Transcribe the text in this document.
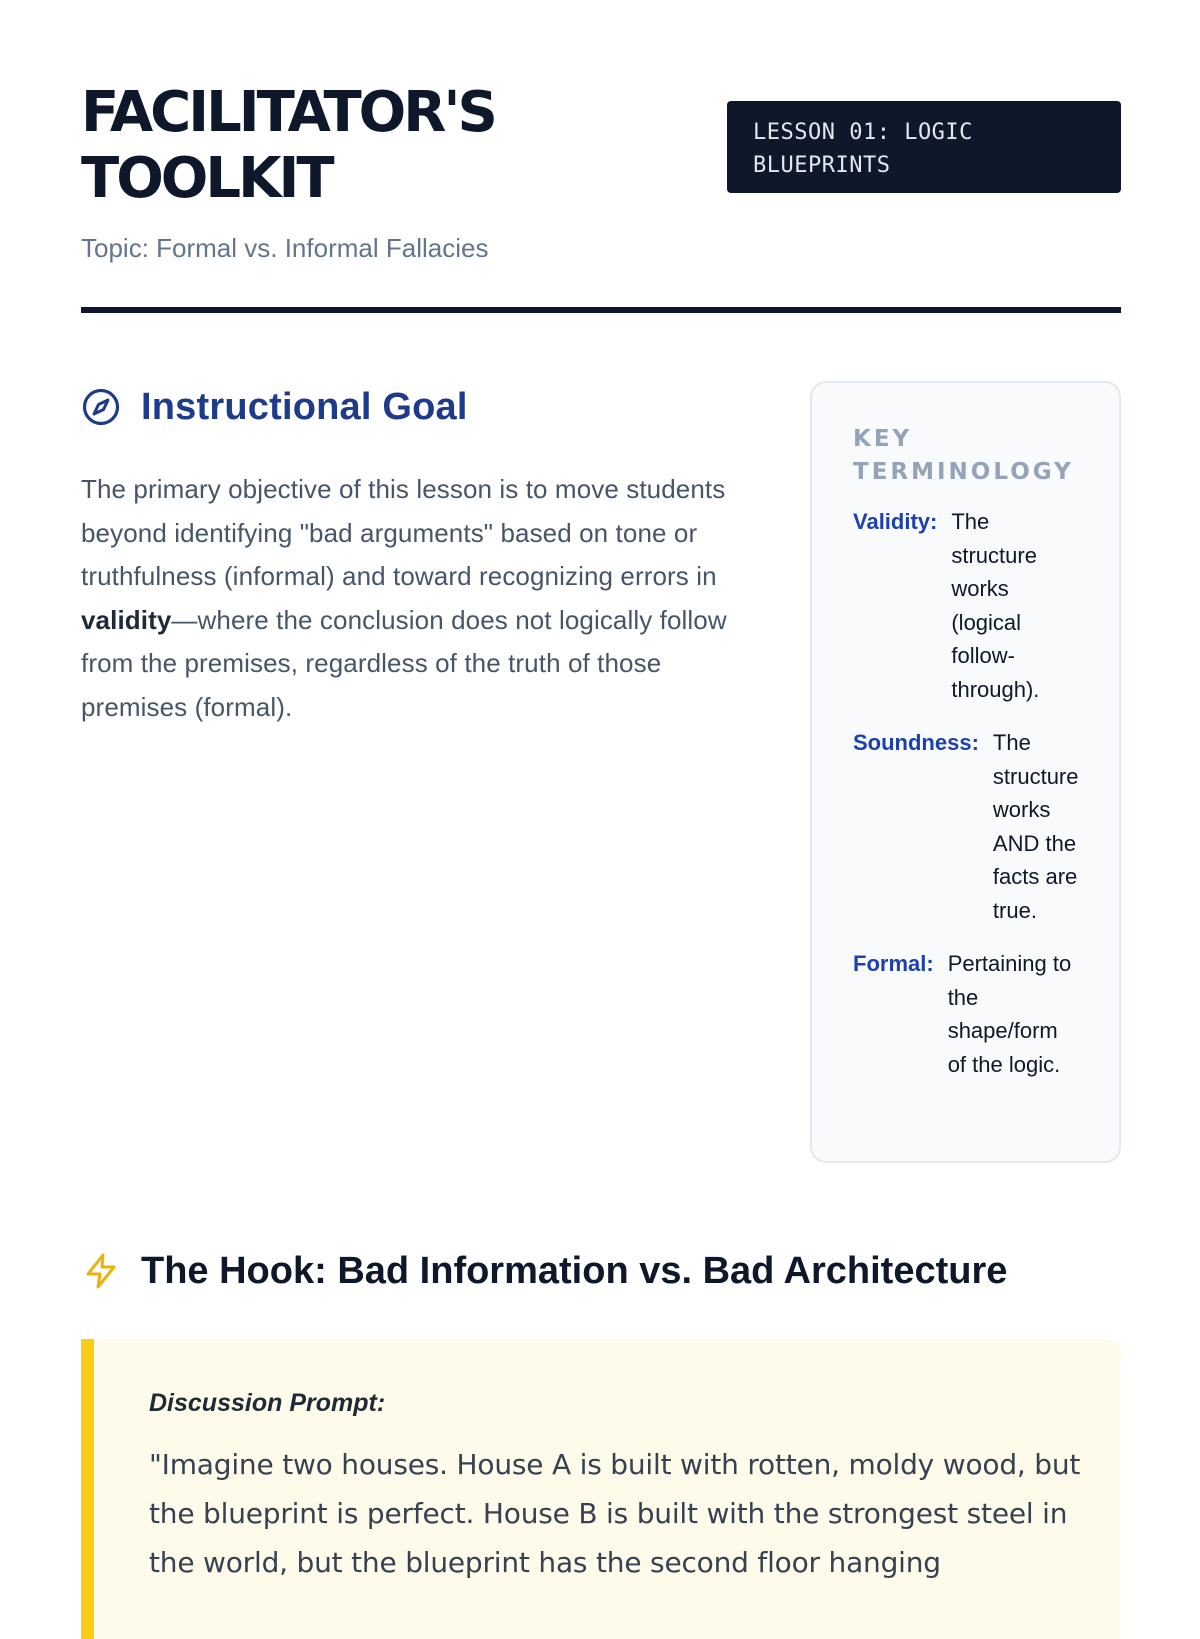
FACILITATOR'S
TOOLKIT
LESSON 01: LOGIC BLUEPRINTS
Topic: Formal vs. Informal Fallacies
Instructional Goal

The primary objective of this lesson is to move students beyond identifying "bad arguments" based on tone or truthfulness (informal) and toward recognizing errors in validity—where the conclusion does not logically follow from the premises, regardless of the truth of those premises (formal).

KEY TERMINOLOGY
Validity: The structure works (logical follow-through).
Soundness: The structure works AND the facts are true.
Formal: Pertaining to the shape/form of the logic.
The Hook: Bad Information vs. Bad Architecture

Discussion Prompt:

"Imagine two houses. House A is built with rotten, moldy wood, but the blueprint is perfect. House B is built with the strongest steel in the world, but the blueprint has the second floor hanging
